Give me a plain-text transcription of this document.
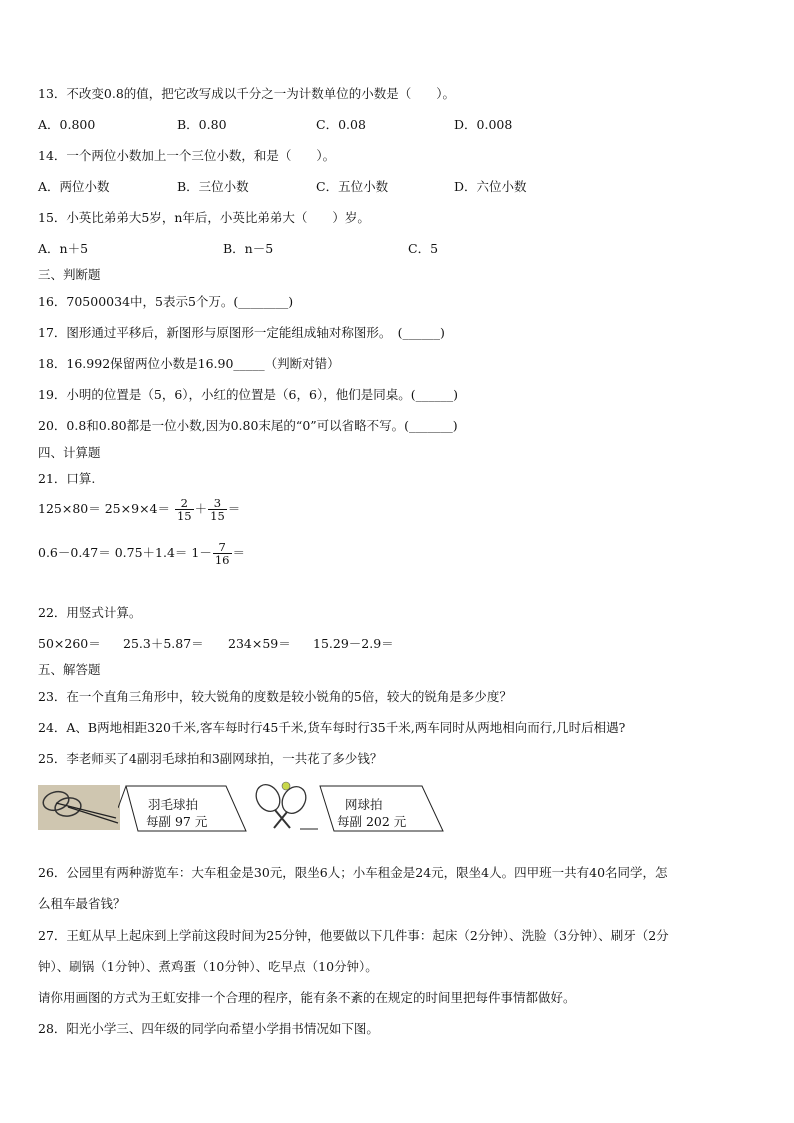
13．不改变0.8的值，把它改写成以千分之一为计数单位的小数是（　　）。
A．0.800	B．0.80	C．0.08	D．0.008
14．一个两位小数加上一个三位小数，和是（　　）。
A．两位小数	B．三位小数	C．五位小数	D．六位小数
15．小英比弟弟大5岁，n年后，小英比弟弟大（　　）岁。
A．n＋5	B．n－5	C．5
三、判断题
16．70500034中，5表示5个万。(________)
17．图形通过平移后，新图形与原图形一定能组成轴对称图形。　(______)
18．16.992保留两位小数是16.90_____（判断对错）
19．小明的位置是（5，6），小红的位置是（6，6），他们是同桌。(______)
20．0.8和0.80都是一位小数,因为0.80末尾的“0”可以省略不写。(_______)
四、计算题
21．口算.
$125\times 80= 25\times 9\times 4= \frac{2}{15} + \frac{3}{15}$ ＝
$0.6-0.47= 0.75+1.4= 1- \frac{7}{16}$ ＝
22．用竖式计算。
50×260＝ 25.3＋5.87＝ 234×59＝ 15.29－2.9＝
五、解答题
23．在一个直角三角形中，较大锐角的度数是较小锐角的5倍，较大的锐角是多少度？
24．A、B两地相距320千米,客车每时行45千米,货车每时行35千米,两车同时从两地相向而行,几时后相遇?
25．李老师买了4副羽毛球拍和3副网球拍，一共花了多少钱？
羽毛球拍
每副 97 元
网球拍
每副 202 元
26．公园里有两种游览车：大车租金是30元，限坐6人；小车租金是24元，限坐4人。四甲班一共有40名同学，怎
么租车最省钱？
27．王虹从早上起床到上学前这段时间为25分钟，他要做以下几件事：起床（2分钟）、洗脸（3分钟）、刷牙（2分
钟）、刷锅（1分钟）、煮鸡蛋（10分钟）、吃早点（10分钟）。
请你用画图的方式为王虹安排一个合理的程序，能有条不紊的在规定的时间里把每件事情都做好。
28．阳光小学三、四年级的同学向希望小学捐书情况如下图。
